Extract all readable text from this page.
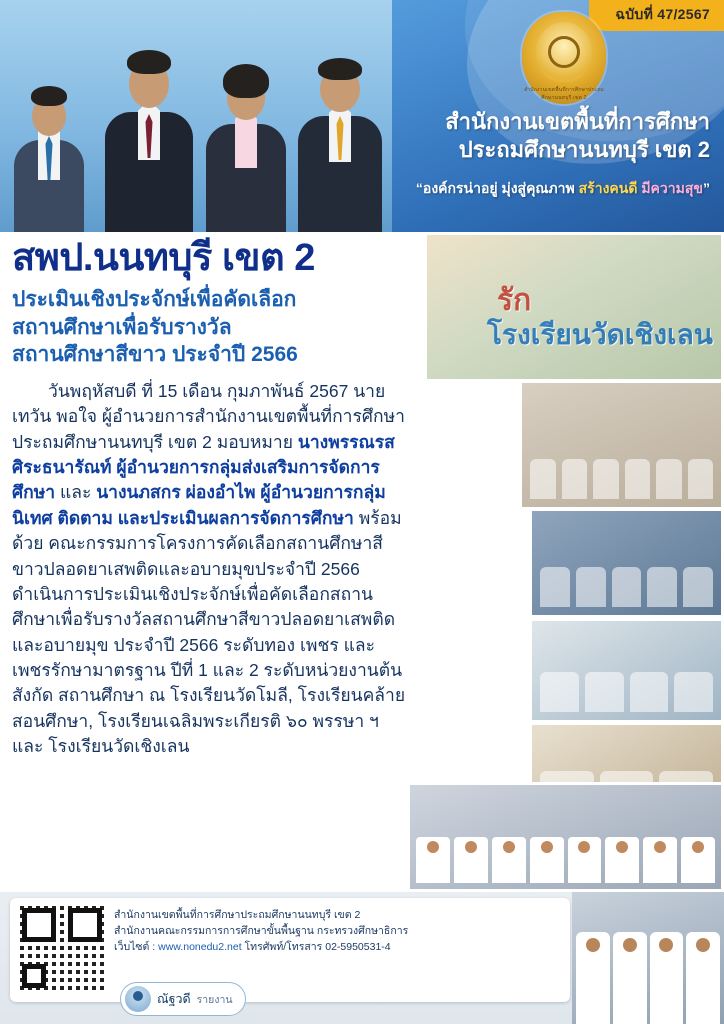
ฉบับที่ 47/2567
สำนักงานเขตพื้นที่การศึกษาประถมศึกษานนทบุรี เขต 2
สำนักงานเขตพื้นที่การศึกษา
ประถมศึกษานนทบุรี เขต 2
“องค์กรน่าอยู่ มุ่งสู่คุณภาพ สร้างคนดี มีความสุข”
รัก
โรงเรียนวัดเชิงเลน
สพป.นนทบุรี เขต 2
ประเมินเชิงประจักษ์เพื่อคัดเลือก
สถานศึกษาเพื่อรับรางวัล
สถานศึกษาสีขาว ประจำปี 2566
วันพฤหัสบดี ที่ 15 เดือน กุมภาพันธ์ 2567 นายเทวัน พอใจ ผู้อำนวยการสำนักงานเขตพื้นที่การศึกษาประถมศึกษานนทบุรี เขต 2 มอบหมาย นางพรรณรส ศิระธนารัณท์ ผู้อำนวยการกลุ่มส่งเสริมการจัดการศึกษา และ นางนภสกร ผ่องอำไพ ผู้อำนวยการกลุ่มนิเทศ ติดตาม และประเมินผลการจัดการศึกษา พร้อมด้วย คณะกรรมการโครงการคัดเลือกสถานศึกษาสีขาวปลอดยาเสพติดและอบายมุขประจำปี 2566 ดำเนินการประเมินเชิงประจักษ์เพื่อคัดเลือกสถานศึกษาเพื่อรับรางวัลสถานศึกษาสีขาวปลอดยาเสพติดและอบายมุข ประจำปี 2566 ระดับทอง เพชร และเพชรรักษามาตรฐาน ปีที่ 1 และ 2 ระดับหน่วยงานต้นสังกัด สถานศึกษา ณ โรงเรียนวัดโมลี, โรงเรียนคล้ายสอนศึกษา, โรงเรียนเฉลิมพระเกียรติ ๖๐ พรรษา ฯ และ โรงเรียนวัดเชิงเลน
สำนักงานเขตพื้นที่การศึกษาประถมศึกษานนทบุรี เขต 2
สำนักงานคณะกรรมการการศึกษาขั้นพื้นฐาน กระทรวงศึกษาธิการ
เว็บไซต์ : www.nonedu2.net โทรศัพท์/โทรสาร 02-5950531-4
ณัฐวดี รายงาน
